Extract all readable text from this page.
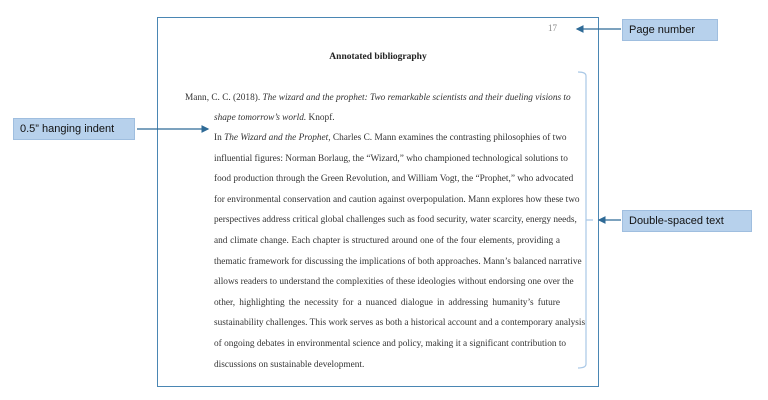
17
Annotated bibliography
Mann, C. C. (2018). The wizard and the prophet: Two remarkable scientists and their dueling visions to
shape tomorrow’s world. Knopf.
In The Wizard and the Prophet, Charles C. Mann examines the contrasting philosophies of two
influential figures: Norman Borlaug, the “Wizard,” who championed technological solutions to
food production through the Green Revolution, and William Vogt, the “Prophet,” who advocated
for environmental conservation and caution against overpopulation. Mann explores how these two
perspectives address critical global challenges such as food security, water scarcity, energy needs,
and climate change. Each chapter is structured around one of the four elements, providing a
thematic framework for discussing the implications of both approaches. Mann’s balanced narrative
allows readers to understand the complexities of these ideologies without endorsing one over the
other, highlighting the necessity for a nuanced dialogue in addressing humanity’s future
sustainability challenges. This work serves as both a historical account and a contemporary analysis
of ongoing debates in environmental science and policy, making it a significant contribution to
discussions on sustainable development.
Page number
0.5” hanging indent
Double-spaced text
